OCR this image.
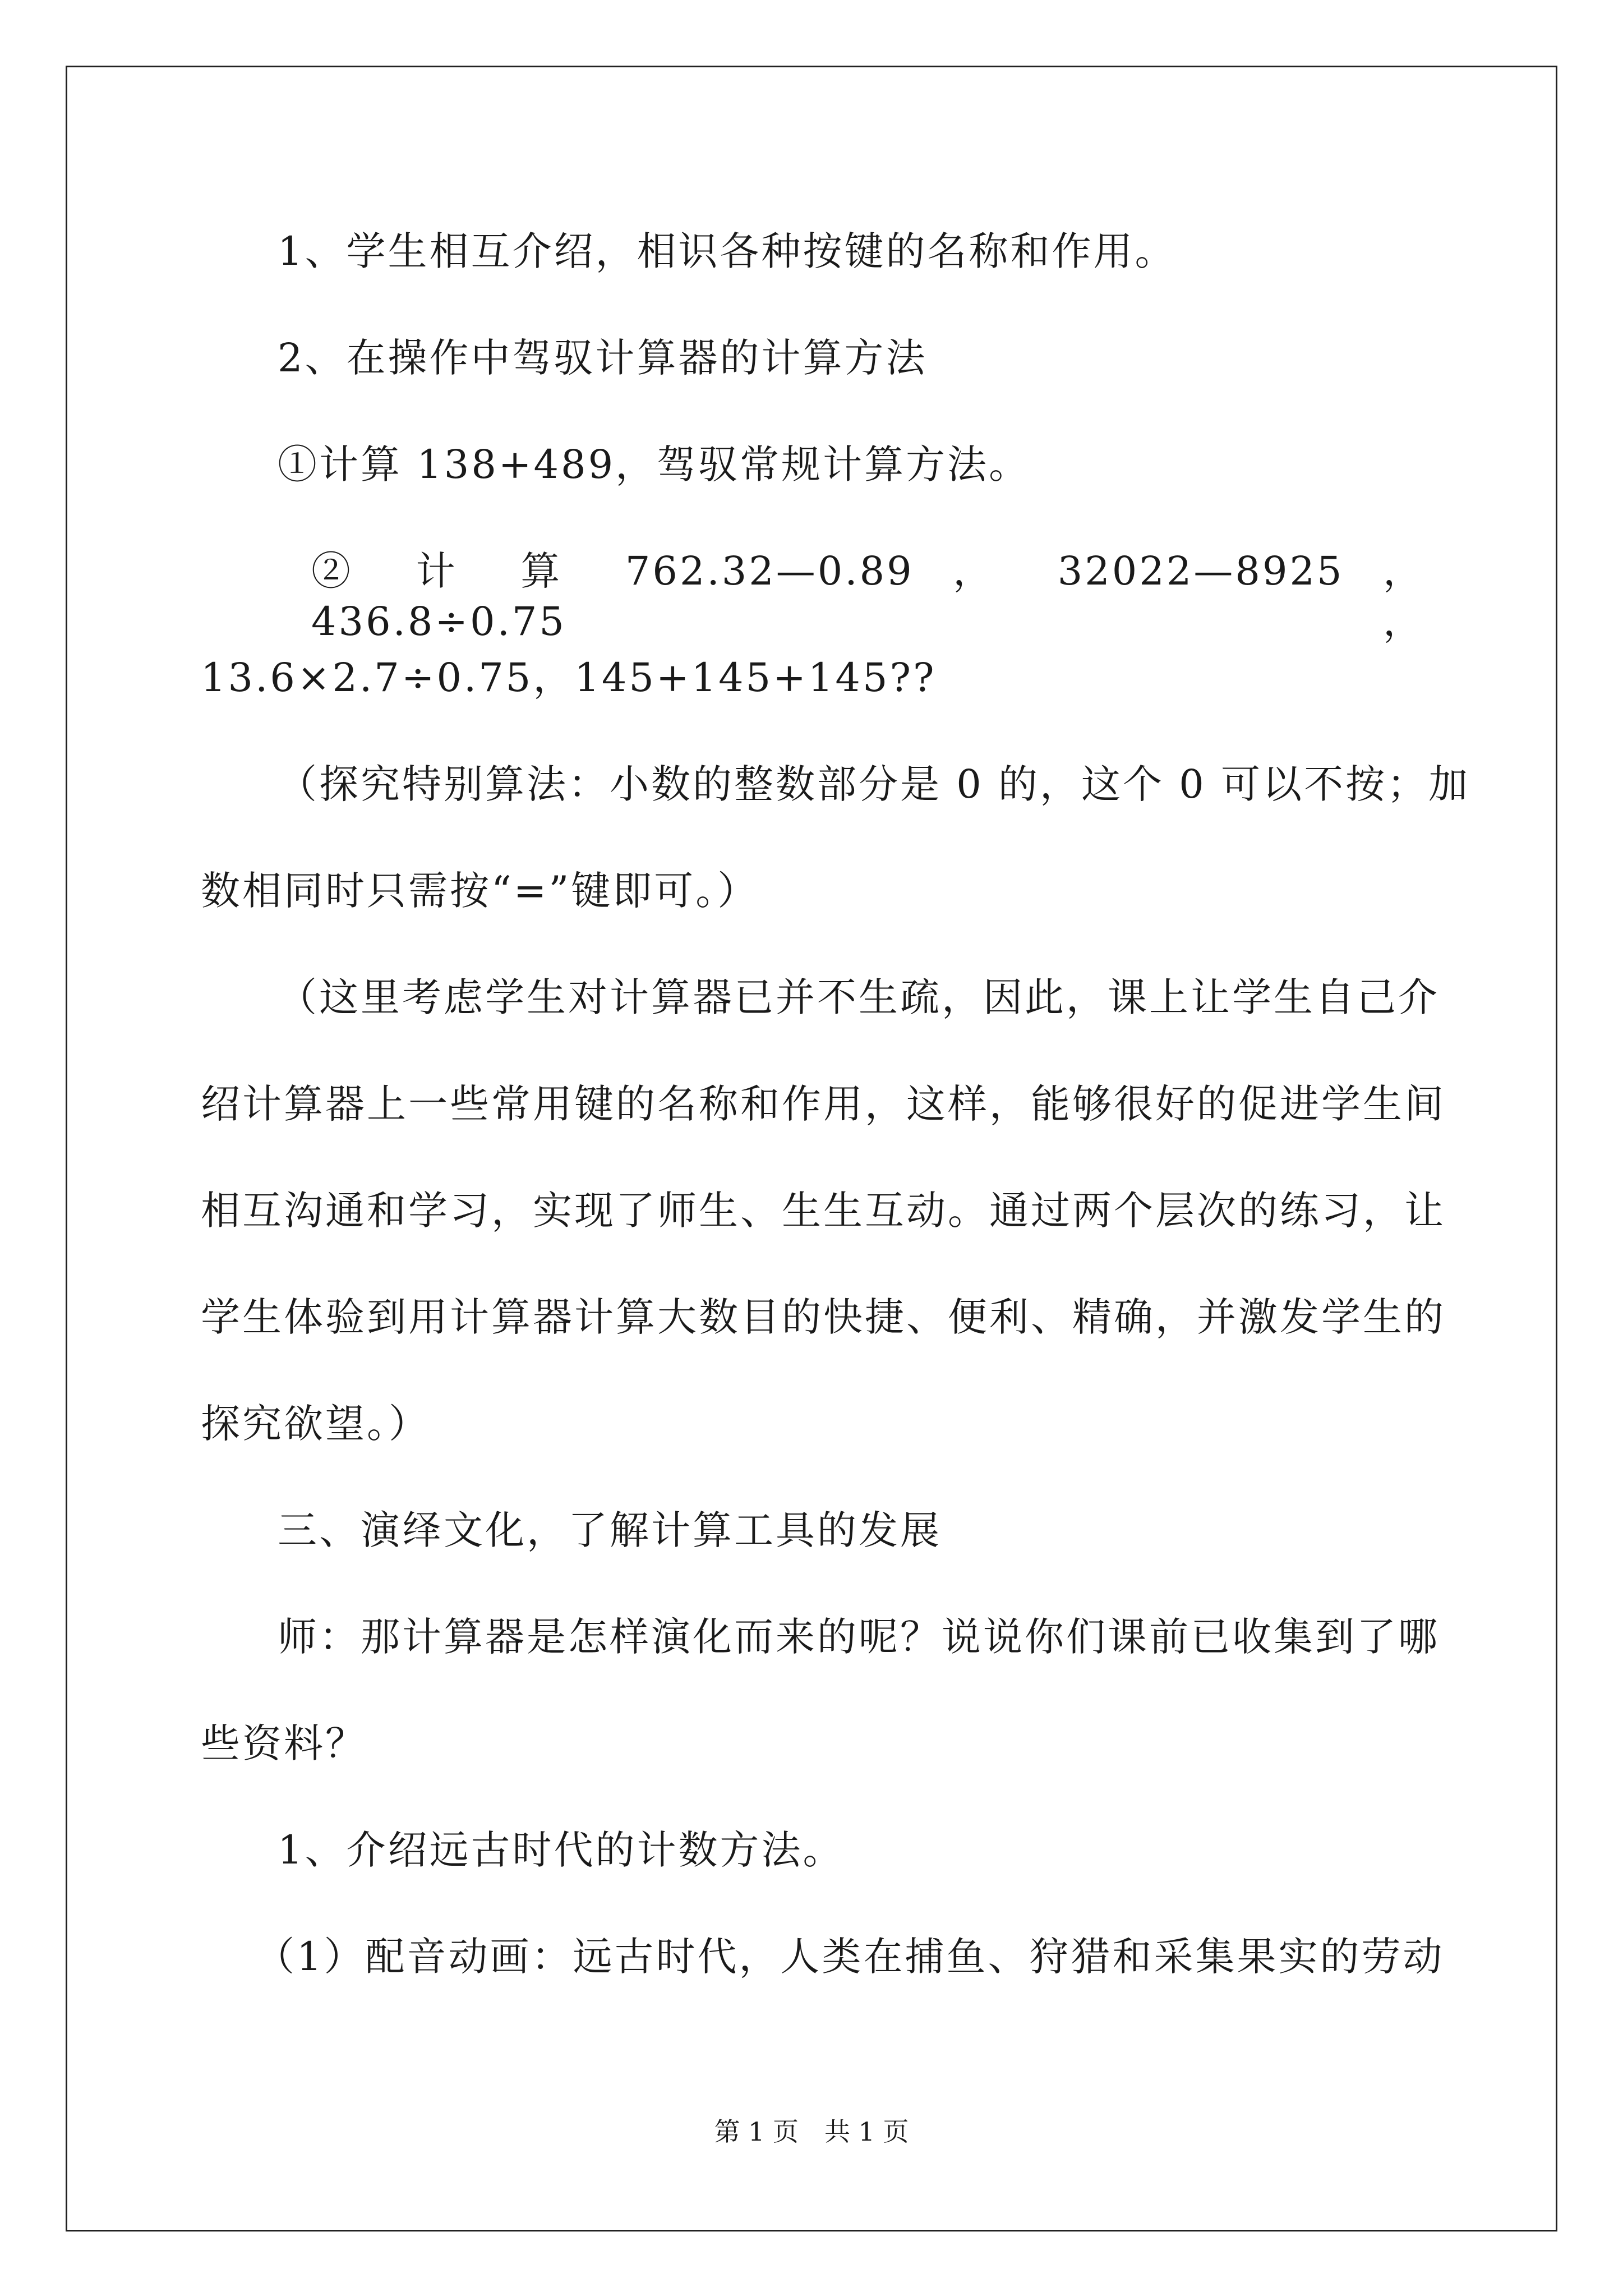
1、学生相互介绍，相识各种按键的名称和作用。
2、在操作中驾驭计算器的计算方法
①计算 138+489，驾驭常规计算方法。
② 计 算 762.32—0.89 ， 32022—8925 ， 436.8÷0.75 ，
13.6×2.7÷0.75，145+145+145??
（探究特别算法：小数的整数部分是 0 的，这个 0 可以不按；加
数相同时只需按“=”键即可。）
（这里考虑学生对计算器已并不生疏，因此，课上让学生自己介
绍计算器上一些常用键的名称和作用，这样，能够很好的促进学生间
相互沟通和学习，实现了师生、生生互动。通过两个层次的练习，让
学生体验到用计算器计算大数目的快捷、便利、精确，并激发学生的
探究欲望。）
三、演绎文化，了解计算工具的发展
师：那计算器是怎样演化而来的呢？说说你们课前已收集到了哪
些资料？
1、介绍远古时代的计数方法。
（1）配音动画：远古时代，人类在捕鱼、狩猎和采集果实的劳动
第 1 页　共 1 页
